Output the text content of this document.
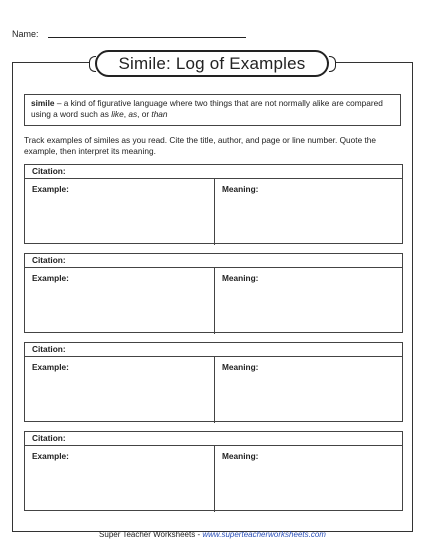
Name:
Simile: Log of Examples
simile – a kind of figurative language where two things that are not normally alike are compared using a word such as like, as, or than
Track examples of similes as you read. Cite the title, author, and page or line number. Quote the example, then interpret its meaning.
Citation:
Example:	Meaning:
Citation:
Example:	Meaning:
Citation:
Example:	Meaning:
Citation:
Example:	Meaning:
Super Teacher Worksheets - www.superteacherworksheets.com
